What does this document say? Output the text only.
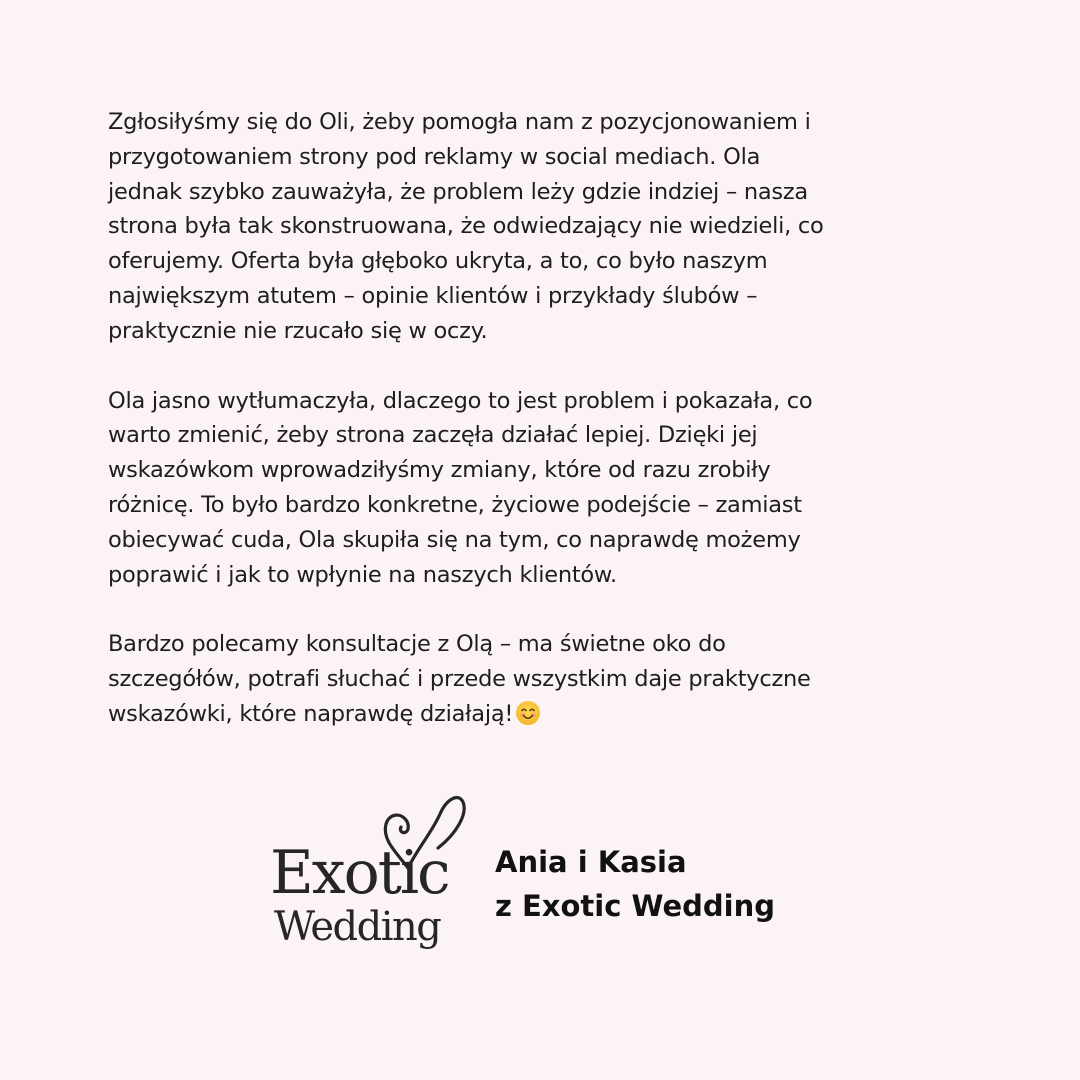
Zgłosiłyśmy się do Oli, żeby pomogła nam z pozycjonowaniem i
przygotowaniem strony pod reklamy w social mediach. Ola
jednak szybko zauważyła, że problem leży gdzie indziej – nasza
strona była tak skonstruowana, że odwiedzający nie wiedzieli, co
oferujemy. Oferta była głęboko ukryta, a to, co było naszym
największym atutem – opinie klientów i przykłady ślubów –
praktycznie nie rzucało się w oczy.

Ola jasno wytłumaczyła, dlaczego to jest problem i pokazała, co
warto zmienić, żeby strona zaczęła działać lepiej. Dzięki jej
wskazówkom wprowadziłyśmy zmiany, które od razu zrobiły
różnicę. To było bardzo konkretne, życiowe podejście – zamiast
obiecywać cuda, Ola skupiła się na tym, co naprawdę możemy
poprawić i jak to wpłynie na naszych klientów.

Bardzo polecamy konsultacje z Olą – ma świetne oko do
szczegółów, potrafi słuchać i przede wszystkim daje praktyczne
wskazówki, które naprawdę działają!

Exotic
Wedding
Ania i Kasia
z Exotic Wedding
